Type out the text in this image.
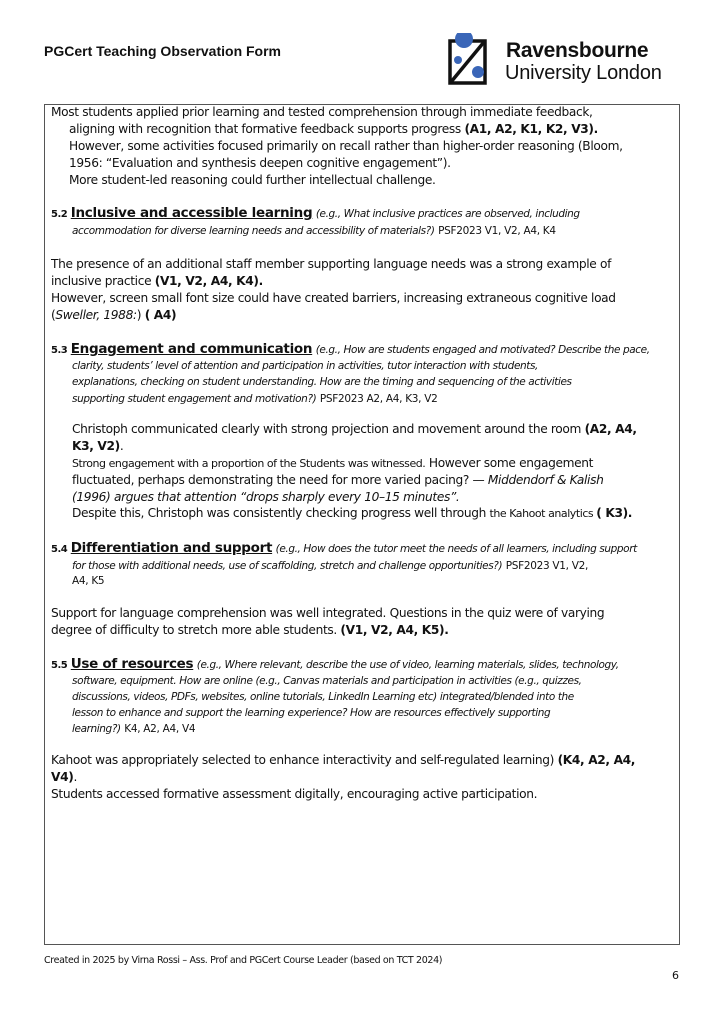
PGCert Teaching Observation Form	Ravensbourne
University London
Most students applied prior learning and tested comprehension through immediate feedback,
aligning with recognition that formative feedback supports progress (A1, A2, K1, K2, V3).
However, some activities focused primarily on recall rather than higher-order reasoning (Bloom,
1956: “Evaluation and synthesis deepen cognitive engagement”).
More student-led reasoning could further intellectual challenge.
5.2 Inclusive and accessible learning (e.g., What inclusive practices are observed, including
accommodation for diverse learning needs and accessibility of materials?) PSF2023 V1, V2, A4, K4
The presence of an additional staff member supporting language needs was a strong example of
inclusive practice (V1, V2, A4, K4).
However, screen small font size could have created barriers, increasing extraneous cognitive load
(Sweller, 1988:) ( A4)
5.3 Engagement and communication (e.g., How are students engaged and motivated? Describe the pace,
clarity, students’ level of attention and participation in activities, tutor interaction with students,
explanations, checking on student understanding. How are the timing and sequencing of the activities
supporting student engagement and motivation?) PSF2023 A2, A4, K3, V2
Christoph communicated clearly with strong projection and movement around the room (A2, A4,
K3, V2).
Strong engagement with a proportion of the Students was witnessed. However some engagement
fluctuated, perhaps demonstrating the need for more varied pacing? — Middendorf & Kalish
(1996) argues that attention “drops sharply every 10–15 minutes”.
Despite this, Christoph was consistently checking progress well through the Kahoot analytics ( K3).
5.4 Differentiation and support (e.g., How does the tutor meet the needs of all learners, including support
for those with additional needs, use of scaffolding, stretch and challenge opportunities?) PSF2023 V1, V2,
A4, K5
Support for language comprehension was well integrated. Questions in the quiz were of varying
degree of difficulty to stretch more able students. (V1, V2, A4, K5).
5.5 Use of resources (e.g., Where relevant, describe the use of video, learning materials, slides, technology,
software, equipment. How are online (e.g., Canvas materials and participation in activities (e.g., quizzes,
discussions, videos, PDFs, websites, online tutorials, LinkedIn Learning etc) integrated/blended into the
lesson to enhance and support the learning experience? How are resources effectively supporting
learning?) K4, A2, A4, V4
Kahoot was appropriately selected to enhance interactivity and self-regulated learning) (K4, A2, A4,
V4).
Students accessed formative assessment digitally, encouraging active participation.
Created in 2025 by Virna Rossi – Ass. Prof and PGCert Course Leader (based on TCT 2024)
6
